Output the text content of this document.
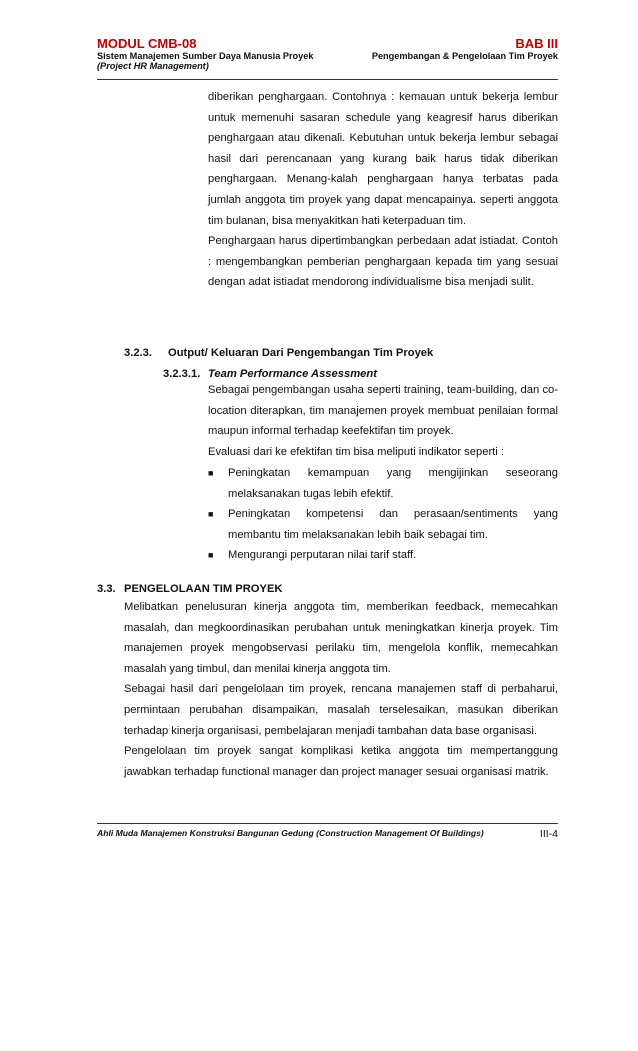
MODUL CMB-08	BAB III
Sistem Manajemen Sumber Daya Manusia Proyek	Pengembangan & Pengelolaan Tim Proyek
(Project HR Management)

diberikan penghargaan. Contohnya : kemauan untuk bekerja lembur untuk memenuhi sasaran schedule yang keagresif harus diberikan penghargaan atau dikenali. Kebutuhan untuk bekerja lembur sebagai hasil dari perencanaan yang kurang baik harus tidak diberikan penghargaan. Menang-kalah penghargaan hanya terbatas pada jumlah anggota tim proyek yang dapat mencapainya. seperti anggota tim bulanan, bisa menyakitkan hati keterpaduan tim.

Penghargaan harus dipertimbangkan perbedaan adat istiadat. Contoh : mengembangkan pemberian penghargaan kepada tim yang sesuai dengan adat istiadat mendorong individualisme bisa menjadi sulit.

3.2.3. Output/ Keluaran Dari Pengembangan Tim Proyek
3.2.3.1. Team Performance Assessment

Sebagai pengembangan usaha seperti training, team-building, dan co-location diterapkan, tim manajemen proyek membuat penilaian formal maupun informal terhadap keefektifan tim proyek.

Evaluasi dari ke efektifan tim bisa meliputi indikator seperti :

■	Peningkatan kemampuan yang mengijinkan seseorang melaksanakan tugas lebih efektif.
■	Peningkatan kompetensi dan perasaan/sentiments yang membantu tim melaksanakan lebih baik sebagai tim.
■	Mengurangi perputaran nilai tarif staff.
3.3. PENGELOLAAN TIM PROYEK

Melibatkan penelusuran kinerja anggota tim, memberikan feedback, memecahkan masalah, dan megkoordinasikan perubahan untuk meningkatkan kinerja proyek. Tim manajemen proyek mengobservasi perilaku tim, mengelola konflik, memecahkan masalah yang timbul, dan menilai kinerja anggota tim.

Sebagai hasil dari pengelolaan tim proyek, rencana manajemen staff di perbaharui, permintaan perubahan disampaikan, masalah terselesaikan, masukan diberikan terhadap kinerja organisasi, pembelajaran menjadi tambahan data base organisasi.

Pengelolaan tim proyek sangat komplikasi ketika anggota tim mempertanggung jawabkan terhadap functional manager dan project manager sesuai organisasi matrik.

Ahli Muda Manajemen Konstruksi Bangunan Gedung (Construction Management Of Buildings)	III-4
